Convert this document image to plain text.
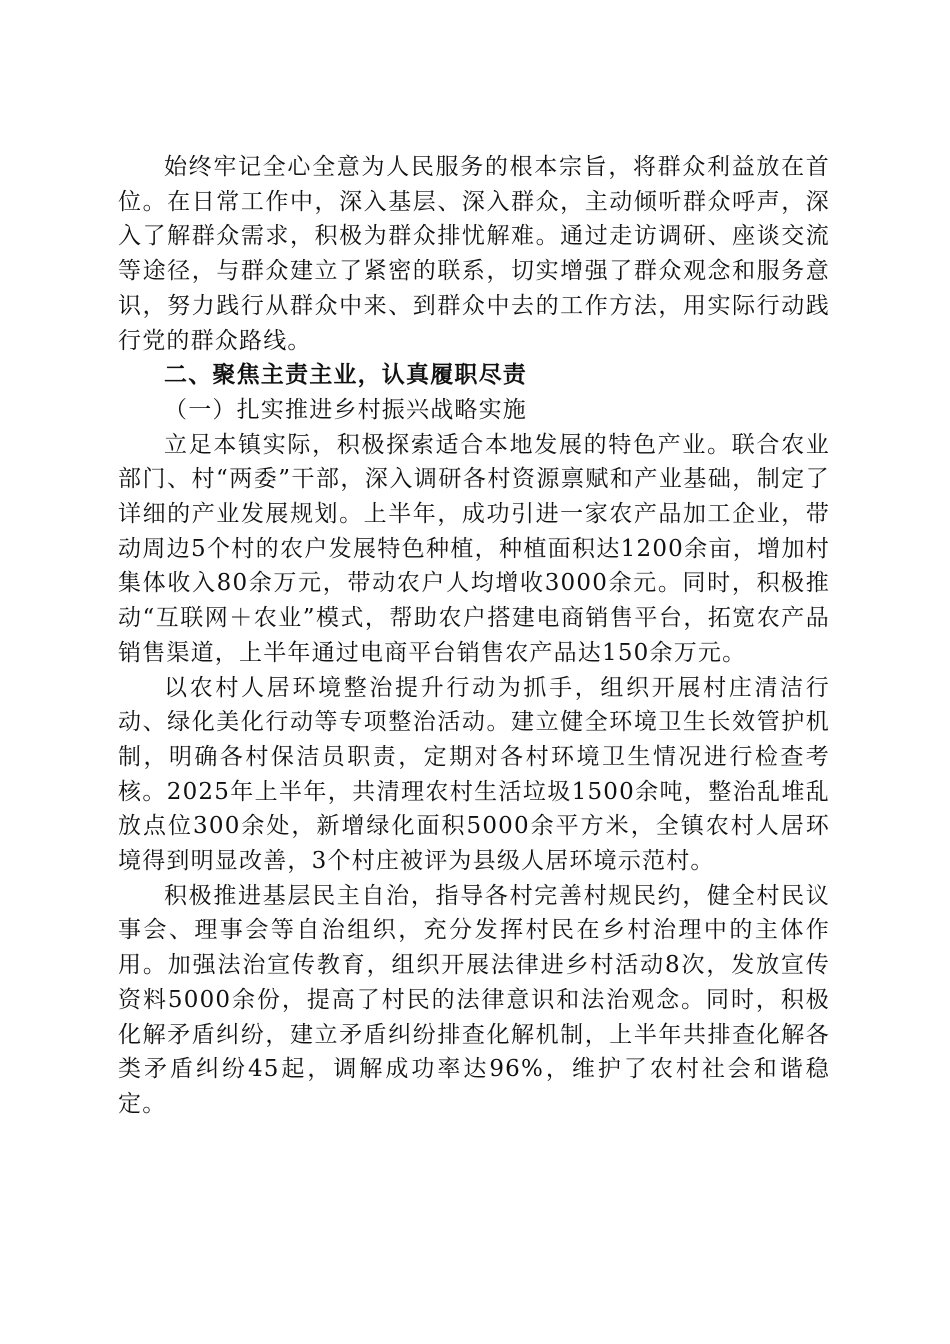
始终牢记全心全意为人民服务的根本宗旨，将群众利益放在首位。在日常工作中，深入基层、深入群众，主动倾听群众呼声，深入了解群众需求，积极为群众排忧解难。通过走访调研、座谈交流等途径，与群众建立了紧密的联系，切实增强了群众观念和服务意识，努力践行从群众中来、到群众中去的工作方法，用实际行动践行党的群众路线。

二、聚焦主责主业，认真履职尽责

（一）扎实推进乡村振兴战略实施

立足本镇实际，积极探索适合本地发展的特色产业。联合农业部门、村“两委”干部，深入调研各村资源禀赋和产业基础，制定了详细的产业发展规划。上半年，成功引进一家农产品加工企业，带动周边5个村的农户发展特色种植，种植面积达1200余亩，增加村集体收入80余万元，带动农户人均增收3000余元。同时，积极推动“互联网＋农业”模式，帮助农户搭建电商销售平台，拓宽农产品销售渠道，上半年通过电商平台销售农产品达150余万元。

以农村人居环境整治提升行动为抓手，组织开展村庄清洁行动、绿化美化行动等专项整治活动。建立健全环境卫生长效管护机制，明确各村保洁员职责，定期对各村环境卫生情况进行检查考核。2025年上半年，共清理农村生活垃圾1500余吨，整治乱堆乱放点位300余处，新增绿化面积5000余平方米，全镇农村人居环境得到明显改善，3个村庄被评为县级人居环境示范村。

积极推进基层民主自治，指导各村完善村规民约，健全村民议事会、理事会等自治组织，充分发挥村民在乡村治理中的主体作用。加强法治宣传教育，组织开展法律进乡村活动8次，发放宣传资料5000余份，提高了村民的法律意识和法治观念。同时，积极化解矛盾纠纷，建立矛盾纠纷排查化解机制，上半年共排查化解各类矛盾纠纷45起，调解成功率达96%，维护了农村社会和谐稳定。
